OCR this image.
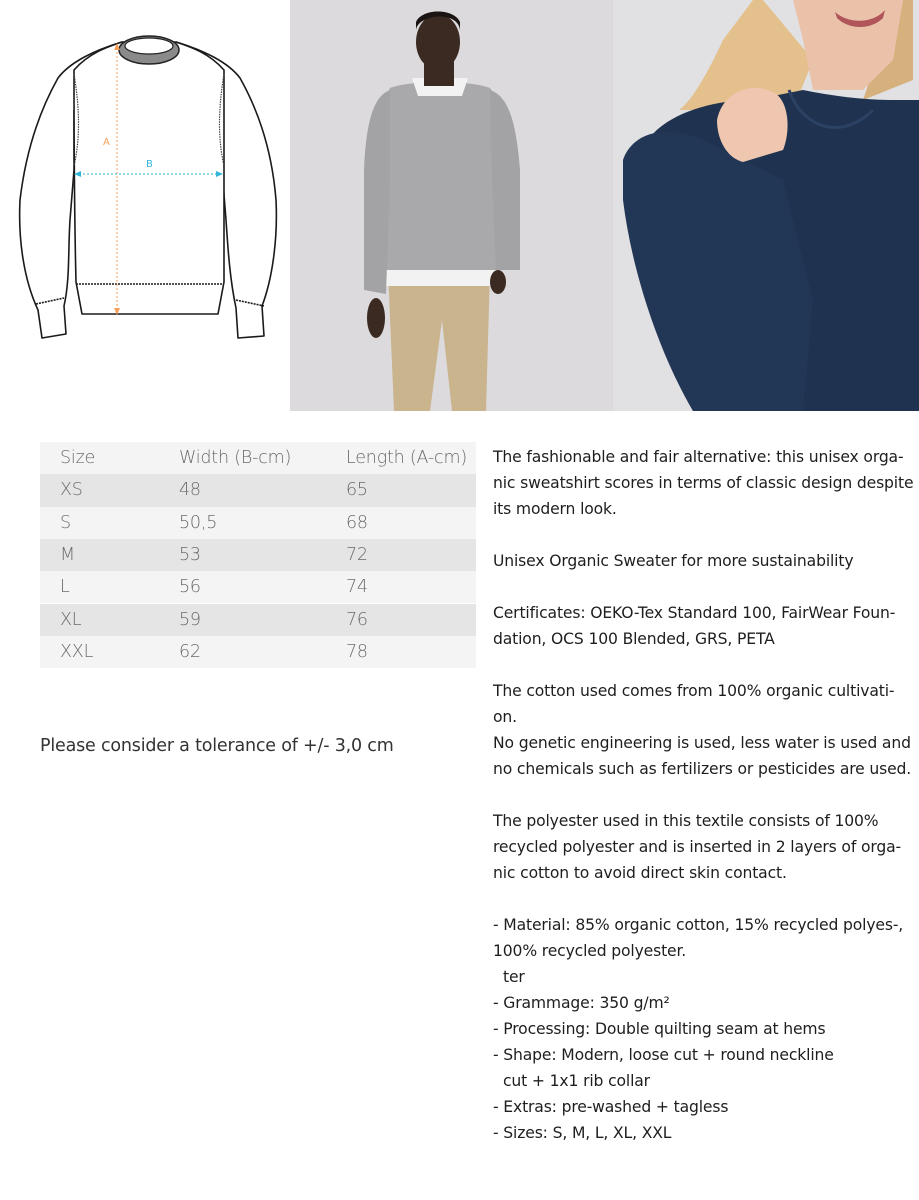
A
B
Size	Width (B-cm)	Length (A-cm)
XS	48	65
S	50,5	68
M	53	72
L	56	74
XL	59	76
XXL	62	78
Please consider a tolerance of +/- 3,0 cm
The fashionable and fair alternative: this unisex orga-
nic sweatshirt scores in terms of classic design despite
its modern look.
Unisex Organic Sweater for more sustainability
Certificates: OEKO-Tex Standard 100, FairWear Foun-
dation, OCS 100 Blended, GRS, PETA
The cotton used comes from 100% organic cultivati-
on.
No genetic engineering is used, less water is used and
no chemicals such as fertilizers or pesticides are used.
The polyester used in this textile consists of 100%
recycled polyester and is inserted in 2 layers of orga-
nic cotton to avoid direct skin contact.
- Material: 85% organic cotton, 15% recycled polyes-,
100% recycled polyester.
ter
- Grammage: 350 g/m²
- Processing: Double quilting seam at hems
- Shape: Modern, loose cut + round neckline
cut + 1x1 rib collar
- Extras: pre-washed + tagless
- Sizes: S, M, L, XL, XXL
